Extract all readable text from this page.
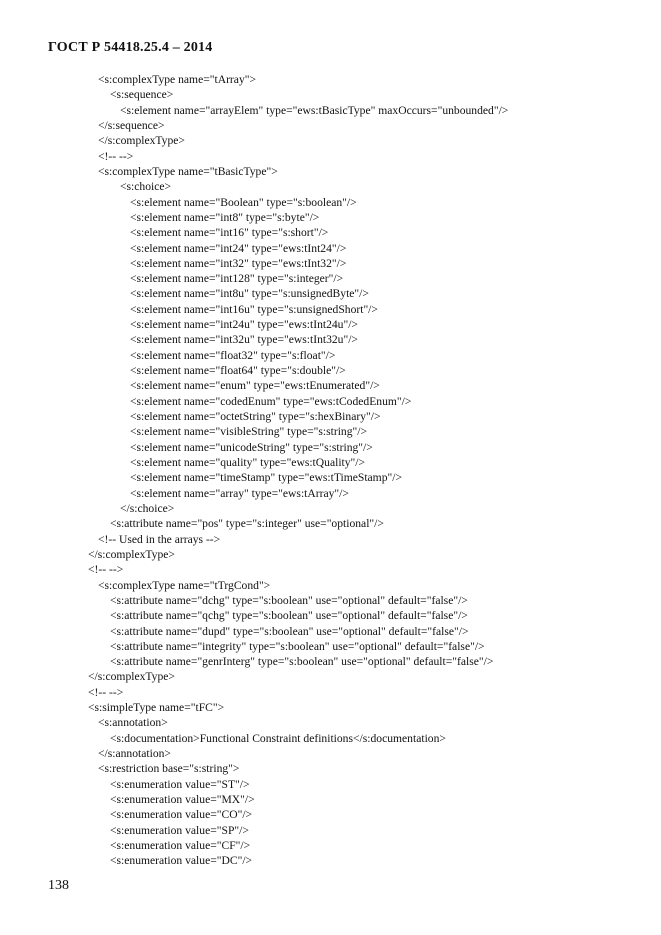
ГОСТ Р 54418.25.4 – 2014
<s:complexType name="tArray">
<s:sequence>
<s:element name="arrayElem" type="ews:tBasicType" maxOccurs="unbounded"/>
</s:sequence>
</s:complexType>
<!-- -->
<s:complexType name="tBasicType">
<s:choice>
<s:element name="Boolean" type="s:boolean"/>
<s:element name="int8" type="s:byte"/>
<s:element name="int16" type="s:short"/>
<s:element name="int24" type="ews:tInt24"/>
<s:element name="int32" type="ews:tInt32"/>
<s:element name="int128" type="s:integer"/>
<s:element name="int8u" type="s:unsignedByte"/>
<s:element name="int16u" type="s:unsignedShort"/>
<s:element name="int24u" type="ews:tInt24u"/>
<s:element name="int32u" type="ews:tInt32u"/>
<s:element name="float32" type="s:float"/>
<s:element name="float64" type="s:double"/>
<s:element name="enum" type="ews:tEnumerated"/>
<s:element name="codedEnum" type="ews:tCodedEnum"/>
<s:element name="octetString" type="s:hexBinary"/>
<s:element name="visibleString" type="s:string"/>
<s:element name="unicodeString" type="s:string"/>
<s:element name="quality" type="ews:tQuality"/>
<s:element name="timeStamp" type="ews:tTimeStamp"/>
<s:element name="array" type="ews:tArray"/>
</s:choice>
<s:attribute name="pos" type="s:integer" use="optional"/>
<!-- Used in the arrays -->
</s:complexType>
<!-- -->
<s:complexType name="tTrgCond">
<s:attribute name="dchg" type="s:boolean" use="optional" default="false"/>
<s:attribute name="qchg" type="s:boolean" use="optional" default="false"/>
<s:attribute name="dupd" type="s:boolean" use="optional" default="false"/>
<s:attribute name="integrity" type="s:boolean" use="optional" default="false"/>
<s:attribute name="genrInterg" type="s:boolean" use="optional" default="false"/>
</s:complexType>
<!-- -->
<s:simpleType name="tFC">
<s:annotation>
<s:documentation>Functional Constraint definitions</s:documentation>
</s:annotation>
<s:restriction base="s:string">
<s:enumeration value="ST"/>
<s:enumeration value="MX"/>
<s:enumeration value="CO"/>
<s:enumeration value="SP"/>
<s:enumeration value="CF"/>
<s:enumeration value="DC"/>
138
